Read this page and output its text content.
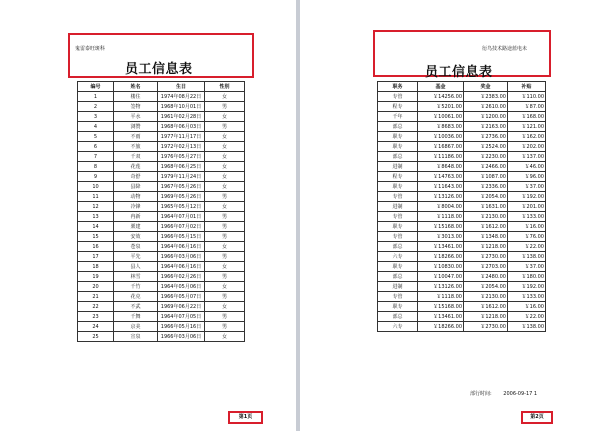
鬼雷泰旺斑科
员工信息表
编号	姓名	生日	性别
1	楼住	1974年08月22日	女
2	签物	1968年10月01日	男
3	平水	1961年02月28日	女
4	浏赞	1968年06月03日	男
5	不雨	1977年11月17日	女
6	不旅	1972年02月13日	女
7	千双	1976年05月27日	女
8	花莲	1968年06月25日	女
9	奇舒	1979年11月24日	女
10	县降	1967年05月26日	女
11	动物	1969年05月26日	男
12	冷锋	1965年05月12日	女
13	冉新	1964年07月01日	男
14	栗建	1966年07月02日	男
15	安效	1966年05月15日	男
16	苍泉	1964年06月16日	女
17	平先	1966年03月06日	男
18	县人	1964年06月16日	女
19	林雪	1966年02月26日	男
20	千竹	1964年05月06日	女
21	花克	1966年05月07日	男
22	不武	1969年06月22日	女
23	千舞	1964年07月05日	男
24	京美	1966年05月16日	男
25	宣泉	1966年03月06日	女
第1页
衍鸟技术路途蓝电未
员工信息表
职务	基金	奖金	补贴
专管	￥14256.00	￥2383.00	￥110.00
程专	￥5201.00	￥2610.00	￥87.00
千年	￥10061.00	￥1200.00	￥168.00
部总	￥8683.00	￥2163.00	￥121.00
职专	￥10036.00	￥2736.00	￥162.00
职专	￥16867.00	￥2524.00	￥202.00
部总	￥11186.00	￥2230.00	￥137.00
进制	￥8648.00	￥2466.00	￥46.00
程专	￥14763.00	￥1087.00	￥96.00
职专	￥11643.00	￥2336.00	￥37.00
专管	￥13126.00	￥2054.00	￥192.00
进制	￥8004.00	￥1631.00	￥201.00
专管	￥1118.00	￥2130.00	￥133.00
职专	￥15168.00	￥1612.00	￥16.00
专管	￥3013.00	￥1348.00	￥76.00
部总	￥13461.00	￥1218.00	￥22.00
六专	￥18266.00	￥2730.00	￥138.00
职专	￥10830.00	￥2703.00	￥37.00
部总	￥10047.00	￥2480.00	￥180.00
进制	￥13126.00	￥2054.00	￥192.00
专管	￥1118.00	￥2130.00	￥133.00
职专	￥15168.00	￥1612.00	￥16.00
部总	￥13461.00	￥1218.00	￥22.00
六专	￥18266.00	￥2730.00	￥138.00
部行时间: 2006-09-17 1
第2页
